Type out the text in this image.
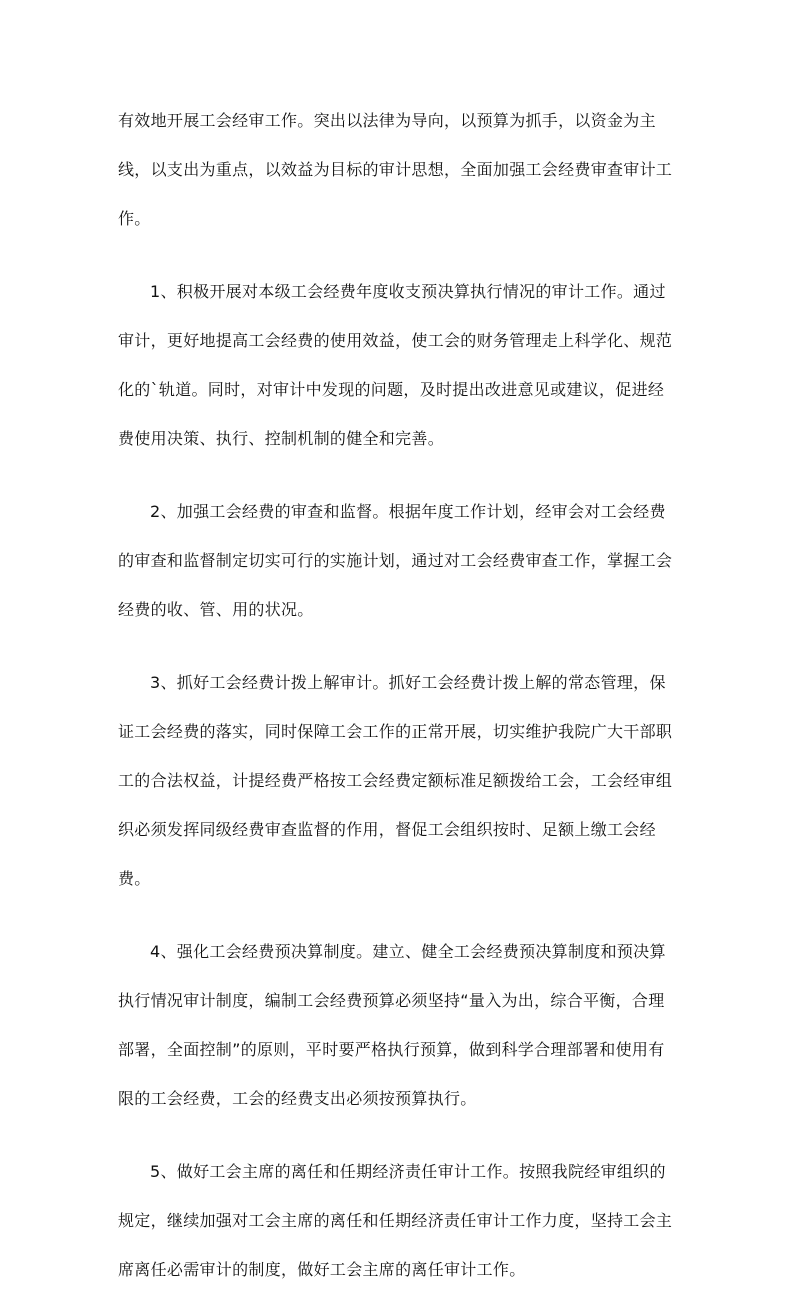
有效地开展工会经审工作。突出以法律为导向，以预算为抓手，以资金为主线，以支出为重点，以效益为目标的审计思想，全面加强工会经费审查审计工作。

1、积极开展对本级工会经费年度收支预决算执行情况的审计工作。通过审计，更好地提高工会经费的使用效益，使工会的财务管理走上科学化、规范化的`轨道。同时，对审计中发现的问题，及时提出改进意见或建议，促进经费使用决策、执行、控制机制的健全和完善。

2、加强工会经费的审查和监督。根据年度工作计划，经审会对工会经费的审查和监督制定切实可行的实施计划，通过对工会经费审查工作，掌握工会经费的收、管、用的状况。

3、抓好工会经费计拨上解审计。抓好工会经费计拨上解的常态管理，保证工会经费的落实，同时保障工会工作的正常开展，切实维护我院广大干部职工的合法权益，计提经费严格按工会经费定额标准足额拨给工会，工会经审组织必须发挥同级经费审查监督的作用，督促工会组织按时、足额上缴工会经费。

4、强化工会经费预决算制度。建立、健全工会经费预决算制度和预决算执行情况审计制度，编制工会经费预算必须坚持“量入为出，综合平衡，合理部署，全面控制”的原则，平时要严格执行预算，做到科学合理部署和使用有限的工会经费，工会的经费支出必须按预算执行。

5、做好工会主席的离任和任期经济责任审计工作。按照我院经审组织的规定，继续加强对工会主席的离任和任期经济责任审计工作力度，坚持工会主席离任必需审计的制度，做好工会主席的离任审计工作。
